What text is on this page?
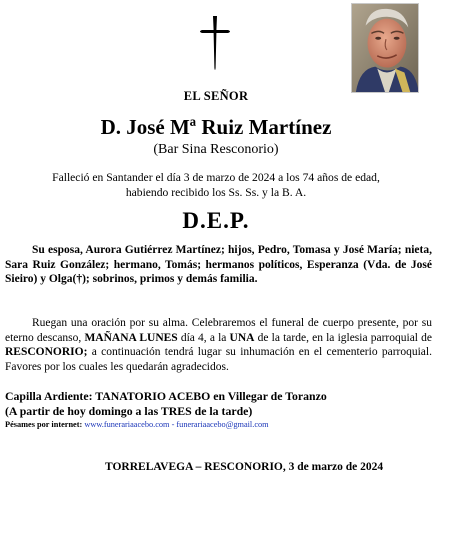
EL SEÑOR
D. José Mª Ruiz Martínez
(Bar Sina Resconorio)
Falleció en Santander el día 3 de marzo de 2024 a los 74 años de edad,
habiendo recibido los Ss. Ss. y la B. A.
D.E.P.
Su esposa, Aurora Gutiérrez Martínez; hijos, Pedro, Tomasa y José María; nieta, Sara Ruiz González; hermano, Tomás; hermanos políticos, Esperanza (Vda. de José Sieiro) y Olga(†); sobrinos, primos y demás familia.
Ruegan una oración por su alma. Celebraremos el funeral de cuerpo presente, por su eterno descanso, MAÑANA LUNES día 4, a la UNA de la tarde, en la iglesia parroquial de RESCONORIO; a continuación tendrá lugar su inhumación en el cementerio parroquial. Favores por los cuales les quedarán agradecidos.
Capilla Ardiente: TANATORIO ACEBO en Villegar de Toranzo
(A partir de hoy domingo a las TRES de la tarde)
Pésames por internet: www.funerariaacebo.com - funerariaacebo@gmail.com
TORRELAVEGA – RESCONORIO, 3 de marzo de 2024
